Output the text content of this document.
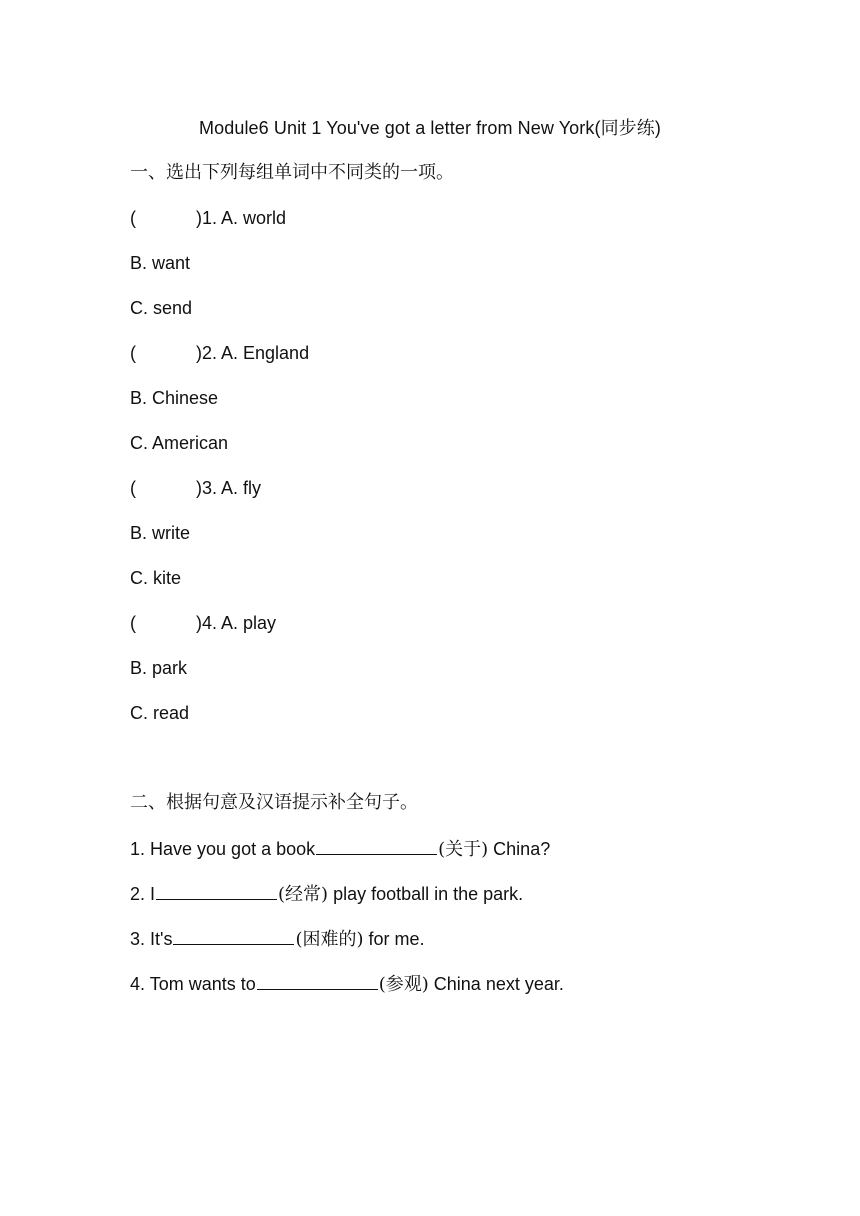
Module6 Unit 1 You've got a letter from New York(同步练)
一、选出下列每组单词中不同类的一项。
(	)1. A. world
B. want
C. send
(	)2. A. England
B. Chinese
C. American
(	)3. A. fly
B. write
C. kite
(	)4. A. play
B. park
C. read
二、根据句意及汉语提示补全句子。
1. Have you got a book	(关于) China?
2. I	(经常) play football in the park.
3. It's	(困难的) for me.
4. Tom wants to	(参观) China next year.
